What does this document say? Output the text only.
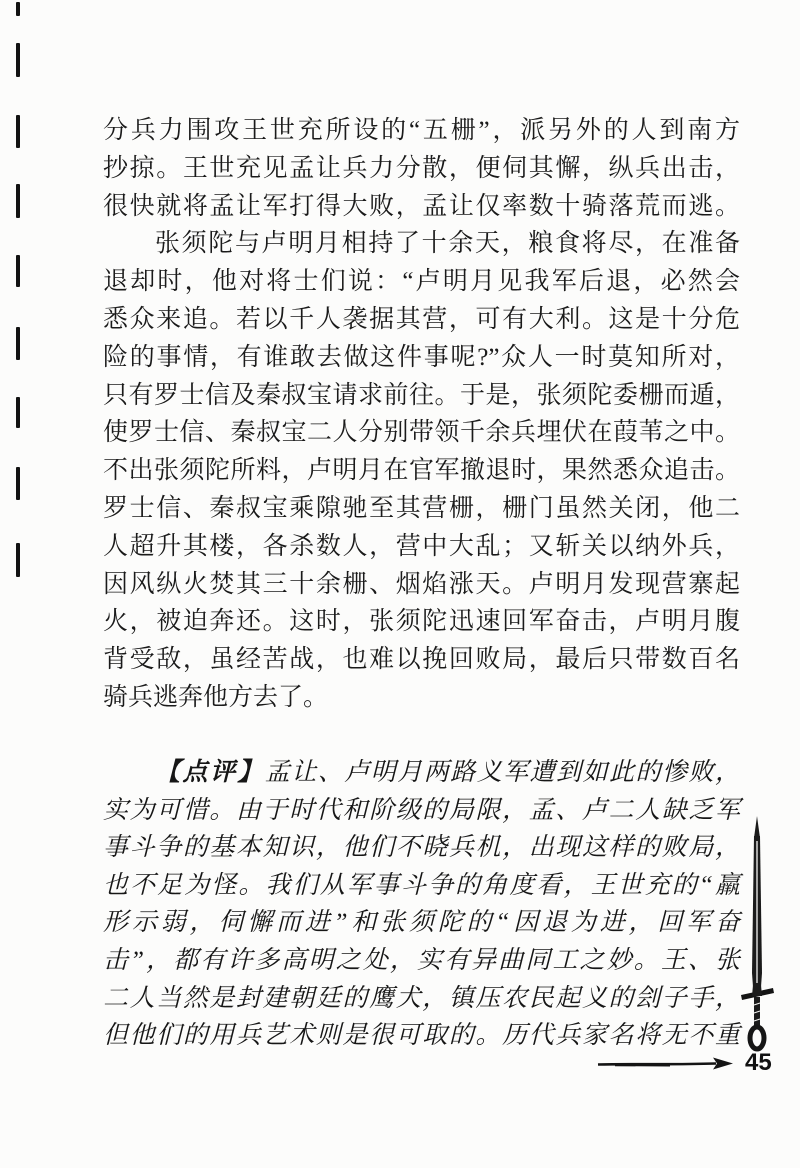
分兵力围攻王世充所设的“五栅”，派另外的人到南方
抄掠。王世充见孟让兵力分散，便伺其懈，纵兵出击，
很快就将孟让军打得大败，孟让仅率数十骑落荒而逃。
张须陀与卢明月相持了十余天，粮食将尽，在准备
退却时，他对将士们说：“卢明月见我军后退，必然会
悉众来追。若以千人袭据其营，可有大利。这是十分危
险的事情，有谁敢去做这件事呢?”众人一时莫知所对，
只有罗士信及秦叔宝请求前往。于是，张须陀委栅而遁，
使罗士信、秦叔宝二人分别带领千余兵埋伏在葭苇之中。
不出张须陀所料，卢明月在官军撤退时，果然悉众追击。
罗士信、秦叔宝乘隙驰至其营栅，栅门虽然关闭，他二
人超升其楼，各杀数人，营中大乱；又斩关以纳外兵，
因风纵火焚其三十余栅、烟焰涨天。卢明月发现营寨起
火，被迫奔还。这时，张须陀迅速回军奋击，卢明月腹
背受敌，虽经苦战，也难以挽回败局，最后只带数百名
骑兵逃奔他方去了。
【点评】孟让、卢明月两路义军遭到如此的惨败，
实为可惜。由于时代和阶级的局限，孟、卢二人缺乏军
事斗争的基本知识，他们不晓兵机，出现这样的败局，
也不足为怪。我们从军事斗争的角度看，王世充的“羸
形示弱，伺懈而进”和张须陀的“因退为进，回军奋
击”，都有许多高明之处，实有异曲同工之妙。王、张
二人当然是封建朝廷的鹰犬，镇压农民起义的刽子手，
但他们的用兵艺术则是很可取的。历代兵家名将无不重
45
